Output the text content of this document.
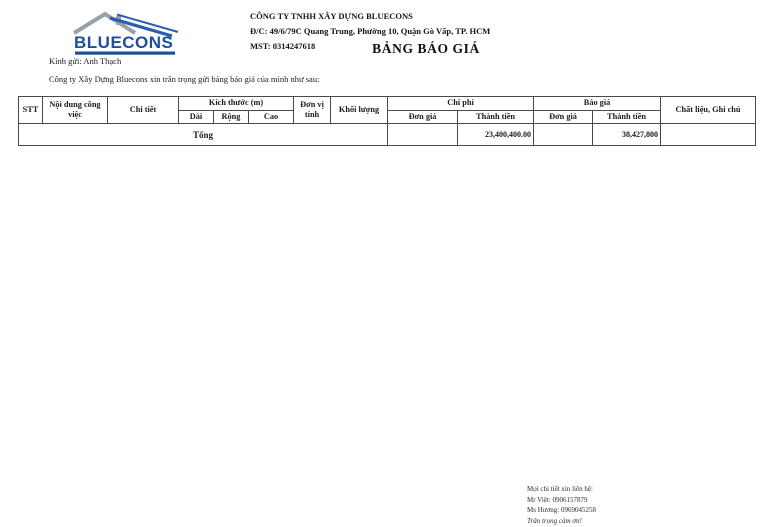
BLUECONS
CÔNG TY TNHH XÂY DỰNG BLUECONS
Đ/C: 49/6/79C Quang Trung, Phường 10, Quận Gò Vấp, TP. HCM
MST: 0314247618	BẢNG BÁO GIÁ
Kính gửi: Anh Thạch
Công ty Xây Dựng Bluecons xin trân trọng gửi bảng báo giá của mình như sau:
STT	Nội dung công việc	Chi tiết	Kích thước (m)			Đơn vị tính	Khối lượng	Chi phí		Báo giá		Chất liệu, Ghi chú
			Dài	Rộng	Cao			Đơn giá	Thành tiền	Đơn giá	Thành tiền	
Tổng									23,400,400.00		38,427,800	
Mọi chi tiết xin liên hệ:
Mr Việt: 0906157879
Ms Hương: 0969045258
Trân trọng cảm ơn!
